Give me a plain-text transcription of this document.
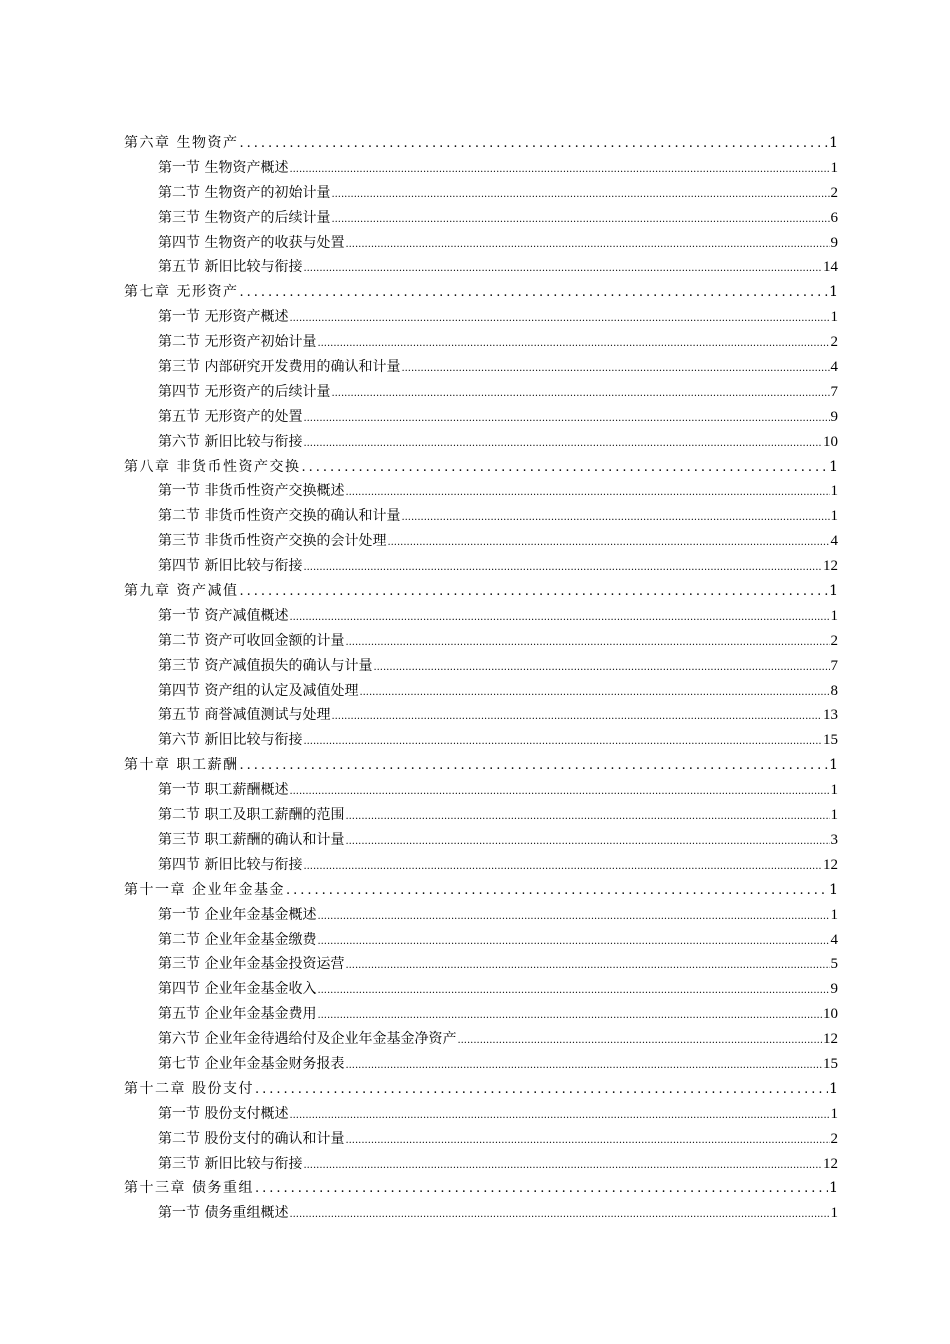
第六章 生物资产 .....	1
第一节 生物资产概述 .....	1
第二节 生物资产的初始计量 .....	2
第三节 生物资产的后续计量 .....	6
第四节 生物资产的收获与处置 .....	9
第五节 新旧比较与衔接 .....	14
第七章 无形资产 .....	1
第一节 无形资产概述 .....	1
第二节 无形资产初始计量 .....	2
第三节 内部研究开发费用的确认和计量 .....	4
第四节 无形资产的后续计量 .....	7
第五节 无形资产的处置 .....	9
第六节 新旧比较与衔接 .....	10
第八章 非货币性资产交换 .....	1
第一节 非货币性资产交换概述 .....	1
第二节 非货币性资产交换的确认和计量 .....	1
第三节 非货币性资产交换的会计处理 .....	4
第四节 新旧比较与衔接 .....	12
第九章 资产减值 .....	1
第一节 资产减值概述 .....	1
第二节 资产可收回金额的计量 .....	2
第三节 资产减值损失的确认与计量 .....	7
第四节 资产组的认定及减值处理 .....	8
第五节 商誉减值测试与处理 .....	13
第六节 新旧比较与衔接 .....	15
第十章 职工薪酬 .....	1
第一节 职工薪酬概述 .....	1
第二节 职工及职工薪酬的范围 .....	1
第三节 职工薪酬的确认和计量 .....	3
第四节 新旧比较与衔接 .....	12
第十一章 企业年金基金 .....	1
第一节 企业年金基金概述 .....	1
第二节 企业年金基金缴费 .....	4
第三节 企业年金基金投资运营 .....	5
第四节 企业年金基金收入 .....	9
第五节 企业年金基金费用 .....	10
第六节 企业年金待遇给付及企业年金基金净资产 .....	12
第七节 企业年金基金财务报表 .....	15
第十二章 股份支付 .....	1
第一节 股份支付概述 .....	1
第二节 股份支付的确认和计量 .....	2
第三节 新旧比较与衔接 .....	12
第十三章 债务重组 .....	1
第一节 债务重组概述 .....	1
